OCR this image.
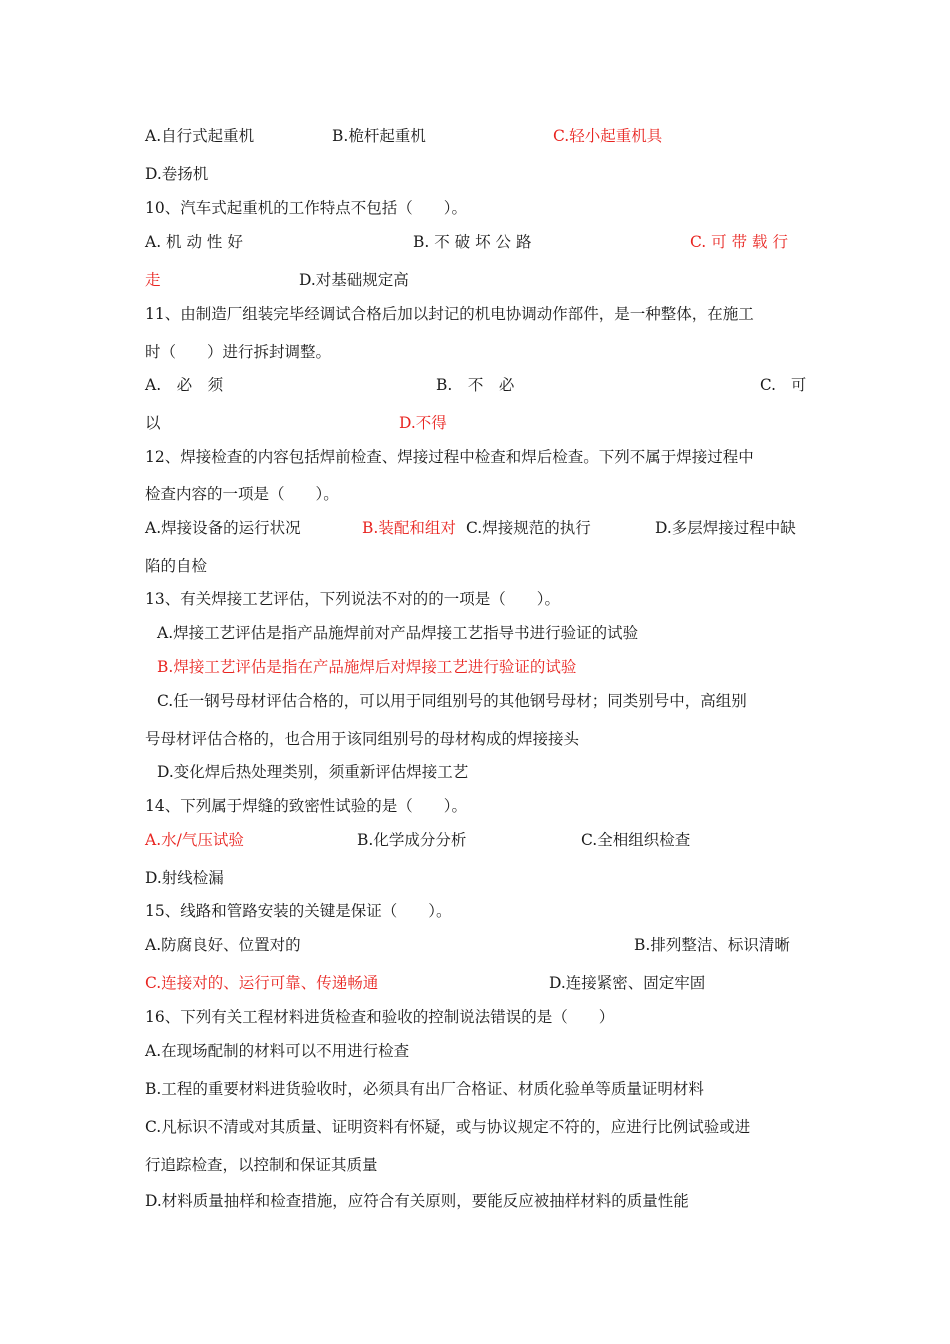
A.自行式起重机	B.桅杆起重机	C.轻小起重机具
D.卷扬机
10、汽车式起重机的工作特点不包括（　　）。
A. 机 动 性 好	B. 不 破 坏 公 路	C. 可 带 载 行
走	D.对基础规定高
11、由制造厂组装完毕经调试合格后加以封记的机电协调动作部件，是一种整体，在施工
时（　　）进行拆封调整。
A.　必　须	B.　不　必	C.　可
以	D.不得
12、焊接检查的内容包括焊前检查、焊接过程中检查和焊后检查。下列不属于焊接过程中
检查内容的一项是（　　）。
A.焊接设备的运行状况	B.装配和组对 C.焊接规范的执行	D.多层焊接过程中缺
陷的自检
13、有关焊接工艺评估，下列说法不对的的一项是（　　）。
A.焊接工艺评估是指产品施焊前对产品焊接工艺指导书进行验证的试验
B.焊接工艺评估是指在产品施焊后对焊接工艺进行验证的试验
C.任一钢号母材评估合格的，可以用于同组别号的其他钢号母材；同类别号中，高组别
号母材评估合格的，也合用于该同组别号的母材构成的焊接接头
D.变化焊后热处理类别，须重新评估焊接工艺
14、下列属于焊缝的致密性试验的是（　　）。
A.水/气压试验	B.化学成分分析	C.全相组织检查
D.射线检漏
15、线路和管路安装的关键是保证（　　）。
A.防腐良好、位置对的	B.排列整洁、标识清晰
C.连接对的、运行可靠、传递畅通	D.连接紧密、固定牢固
16、下列有关工程材料进货检查和验收的控制说法错误的是（　　）
A.在现场配制的材料可以不用进行检查
B.工程的重要材料进货验收时，必须具有出厂合格证、材质化验单等质量证明材料
C.凡标识不清或对其质量、证明资料有怀疑，或与协议规定不符的，应进行比例试验或进
行追踪检查，以控制和保证其质量
D.材料质量抽样和检查措施，应符合有关原则，要能反应被抽样材料的质量性能
